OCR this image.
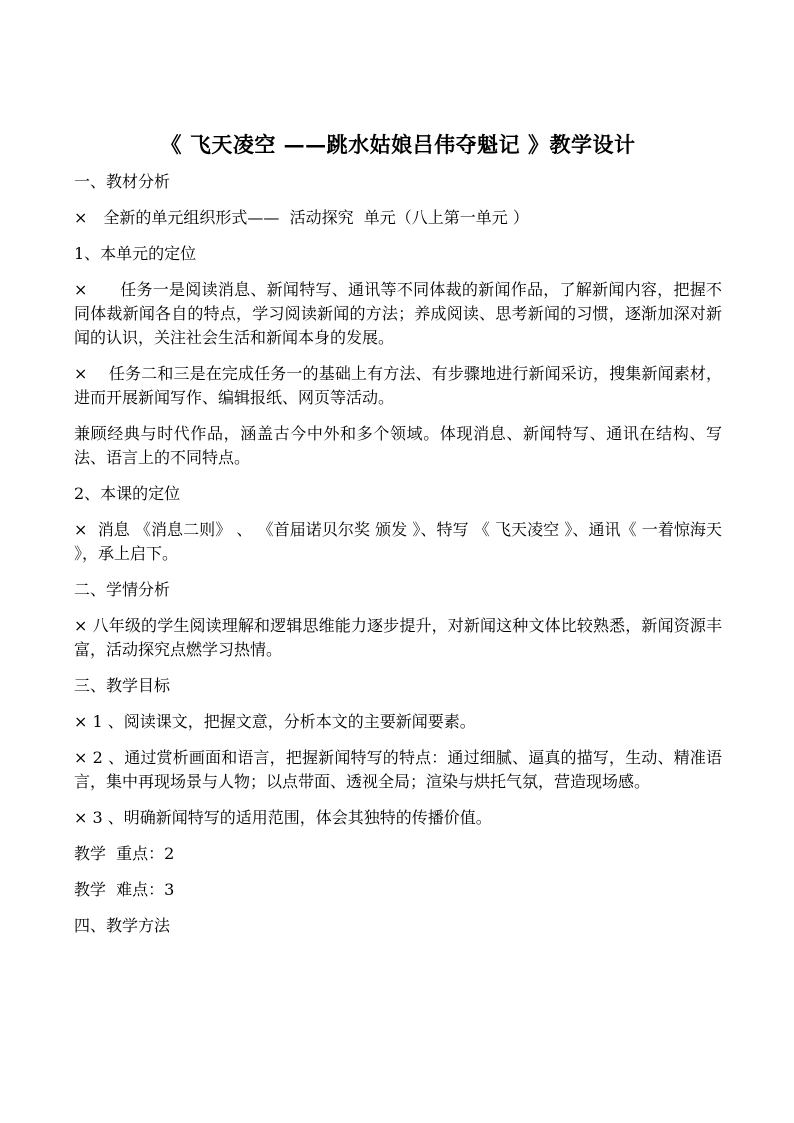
《 飞天凌空 ——跳水姑娘吕伟夺魁记 》教学设计
一、教材分析
×　全新的单元组织形式——  活动探究  单元（八上第一单元 ）
1、本单元的定位
×　　任务一是阅读消息、新闻特写、通讯等不同体裁的新闻作品，了解新闻内容，把握不同体裁新闻各自的特点，学习阅读新闻的方法；养成阅读、思考新闻的习惯，逐渐加深对新闻的认识，关注社会生活和新闻本身的发展。
×　 任务二和三是在完成任务一的基础上有方法、有步骤地进行新闻采访，搜集新闻素材，进而开展新闻写作、编辑报纸、网页等活动。
兼顾经典与时代作品，涵盖古今中外和多个领域。体现消息、新闻特写、通讯在结构、写法、语言上的不同特点。
2、本课的定位
×  消息 《消息二则》 、 《首届诺贝尔奖 颁发 》、特写 《 飞天凌空 》、通讯《 一着惊海天 》，承上启下。
二、学情分析
× 八年级的学生阅读理解和逻辑思维能力逐步提升，对新闻这种文体比较熟悉，新闻资源丰富，活动探究点燃学习热情。
三、教学目标
× 1 、阅读课文，把握文意，分析本文的主要新闻要素。
× 2 、通过赏析画面和语言，把握新闻特写的特点：通过细腻、逼真的描写，生动、精准语言，集中再现场景与人物；以点带面、透视全局；渲染与烘托气氛，营造现场感。
× 3 、明确新闻特写的适用范围，体会其独特的传播价值。
教学  重点：2
教学  难点：3
四、教学方法
